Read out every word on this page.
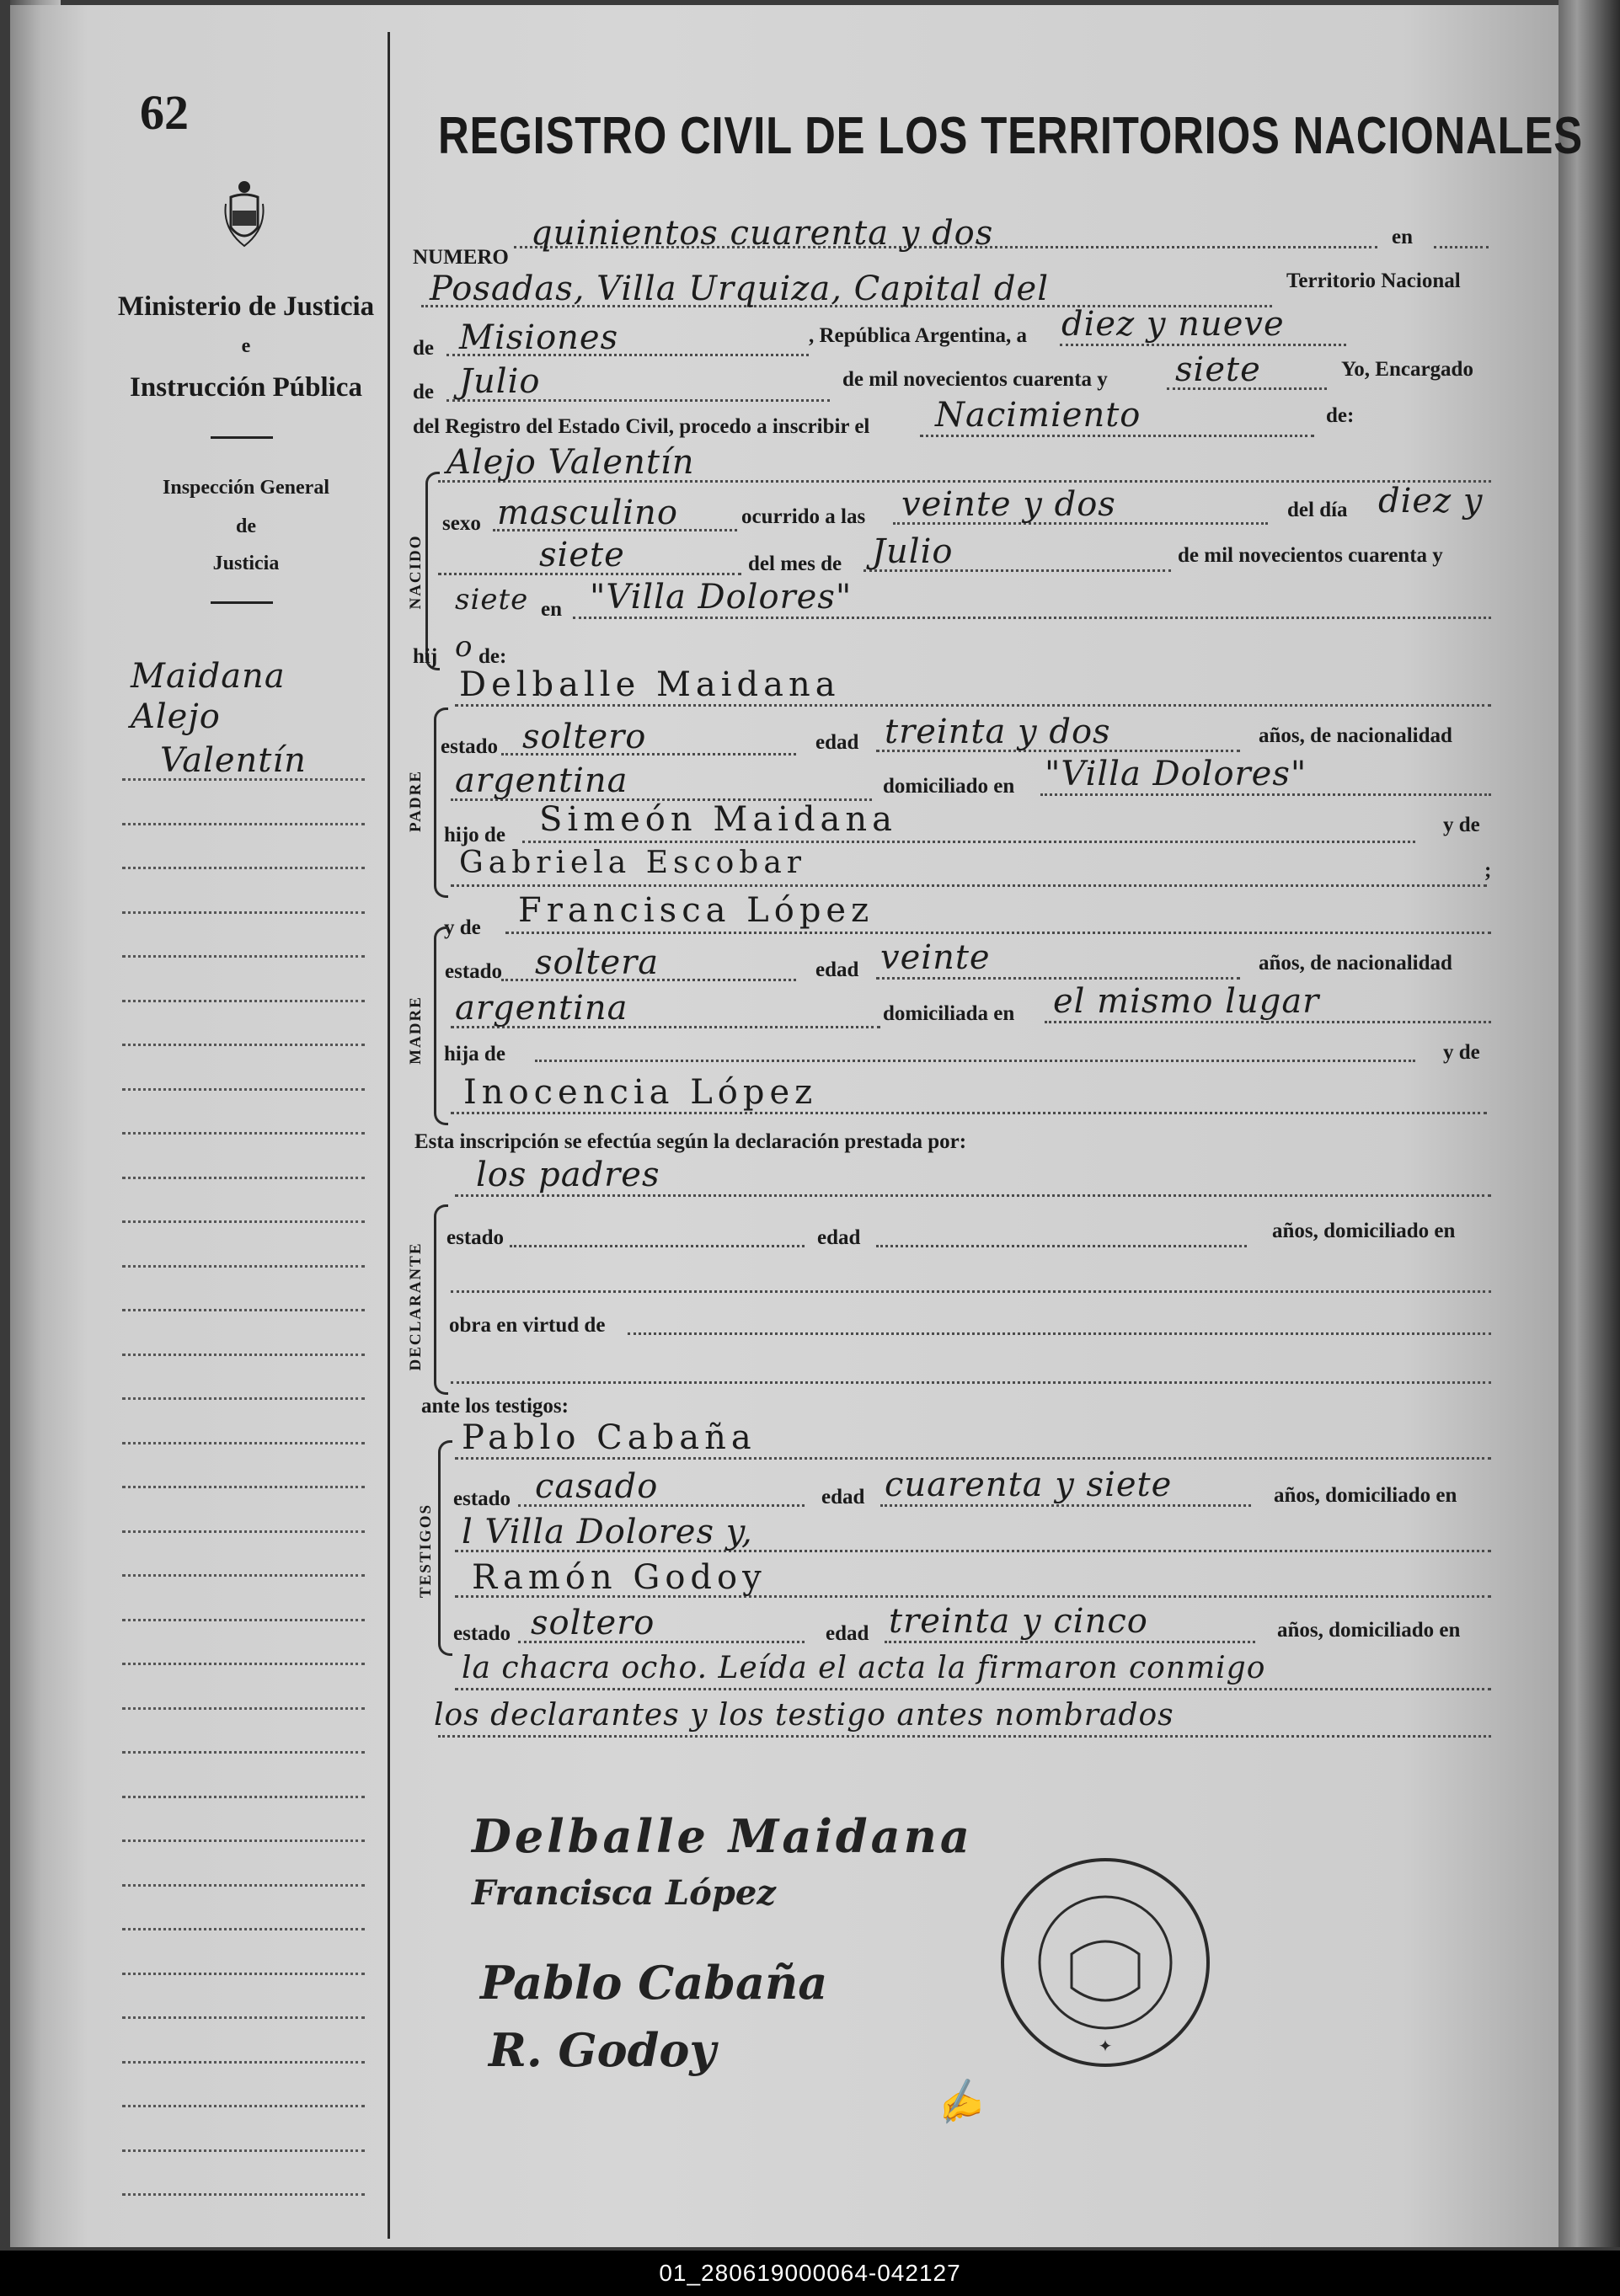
62
Ministerio de Justicia
e
Instrucción Pública
Inspección General
de
Justicia
Maidana
Alejo
Valentín
REGISTRO CIVIL DE LOS TERRITORIOS NACIONALES
NUMERO
quinientos cuarenta y dos	en
Posadas, Villa Urquiza, Capital del	Territorio Nacional
de Misiones	, República Argentina, a diez y nueve
de Julio	de mil novecientos cuarenta y siete	Yo, Encargado
del Registro del Estado Civil, procedo a inscribir el Nacimiento	de:
NACIDO
Alejo Valentín
sexo masculino	ocurrido a las veinte y dos	del día diez y
siete	del mes de Julio	de mil novecientos cuarenta y
siete en "Villa Dolores"
hij o de:
Delballe Maidana
PADRE
estado soltero	edad treinta y dos	años, de nacionalidad
argentina	domiciliado en "Villa Dolores"
hijo de Simeón Maidana	y de
Gabriela Escobar	;
y de Francisca López
MADRE
estado soltera	edad veinte	años, de nacionalidad
argentina	domiciliada en el mismo lugar
hija de	y de
Inocencia López
Esta inscripción se efectúa según la declaración prestada por:
los padres
DECLARANTE
estado	edad	años, domiciliado en
obra en virtud de
ante los testigos:
Pablo Cabaña
TESTIGOS
estado casado	edad cuarenta y siete	años, domiciliado en
l Villa Dolores y,
Ramón Godoy
estado soltero	edad treinta y cinco	años, domiciliado en
la chacra ocho. Leída el acta la firmaron conmigo
los declarantes y los testigo antes nombrados
Delballe Maidana
Francisca López
Pablo Cabaña
R. Godoy	✦
✍
01_280619000064-042127
